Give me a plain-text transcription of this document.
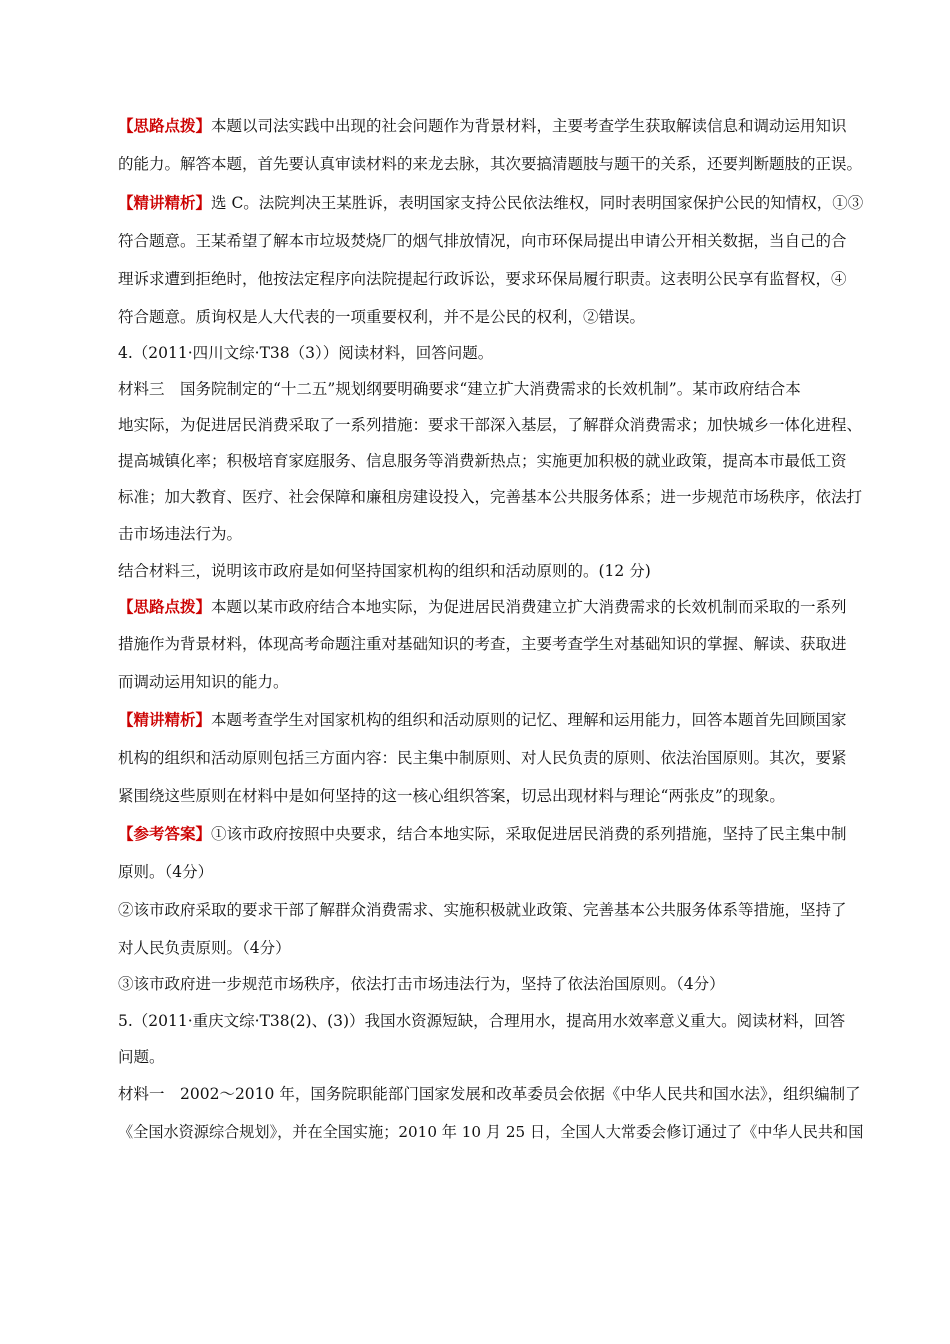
【思路点拨】本题以司法实践中出现的社会问题作为背景材料，主要考查学生获取解读信息和调动运用知识
的能力。解答本题，首先要认真审读材料的来龙去脉，其次要搞清题肢与题干的关系，还要判断题肢的正误。
【精讲精析】选 C。法院判决王某胜诉，表明国家支持公民依法维权，同时表明国家保护公民的知情权，①③
符合题意。王某希望了解本市垃圾焚烧厂的烟气排放情况，向市环保局提出申请公开相关数据，当自己的合
理诉求遭到拒绝时，他按法定程序向法院提起行政诉讼，要求环保局履行职责。这表明公民享有监督权，④
符合题意。质询权是人大代表的一项重要权利，并不是公民的权利，②错误。
4.（2011·四川文综·T38（3））阅读材料，回答问题。
材料三　国务院制定的“十二五”规划纲要明确要求“建立扩大消费需求的长效机制”。某市政府结合本
地实际，为促进居民消费采取了一系列措施：要求干部深入基层，了解群众消费需求；加快城乡一体化进程、
提高城镇化率；积极培育家庭服务、信息服务等消费新热点；实施更加积极的就业政策，提高本市最低工资
标准；加大教育、医疗、社会保障和廉租房建设投入，完善基本公共服务体系；进一步规范市场秩序，依法打
击市场违法行为。
结合材料三，说明该市政府是如何坚持国家机构的组织和活动原则的。(12 分)
【思路点拨】本题以某市政府结合本地实际，为促进居民消费建立扩大消费需求的长效机制而采取的一系列
措施作为背景材料，体现高考命题注重对基础知识的考查，主要考查学生对基础知识的掌握、解读、获取进
而调动运用知识的能力。
【精讲精析】本题考查学生对国家机构的组织和活动原则的记忆、理解和运用能力，回答本题首先回顾国家
机构的组织和活动原则包括三方面内容：民主集中制原则、对人民负责的原则、依法治国原则。其次，要紧
紧围绕这些原则在材料中是如何坚持的这一核心组织答案，切忌出现材料与理论“两张皮”的现象。
【参考答案】①该市政府按照中央要求，结合本地实际，采取促进居民消费的系列措施，坚持了民主集中制
原则。（4分）
②该市政府采取的要求干部了解群众消费需求、实施积极就业政策、完善基本公共服务体系等措施，坚持了
对人民负责原则。（4分）
③该市政府进一步规范市场秩序，依法打击市场违法行为，坚持了依法治国原则。（4分）
5.（2011·重庆文综·T38(2)、(3)）我国水资源短缺，合理用水，提高用水效率意义重大。阅读材料，回答
问题。
材料一　2002～2010 年，国务院职能部门国家发展和改革委员会依据《中华人民共和国水法》，组织编制了
《全国水资源综合规划》，并在全国实施；2010 年 10 月 25 日，全国人大常委会修订通过了《中华人民共和国
